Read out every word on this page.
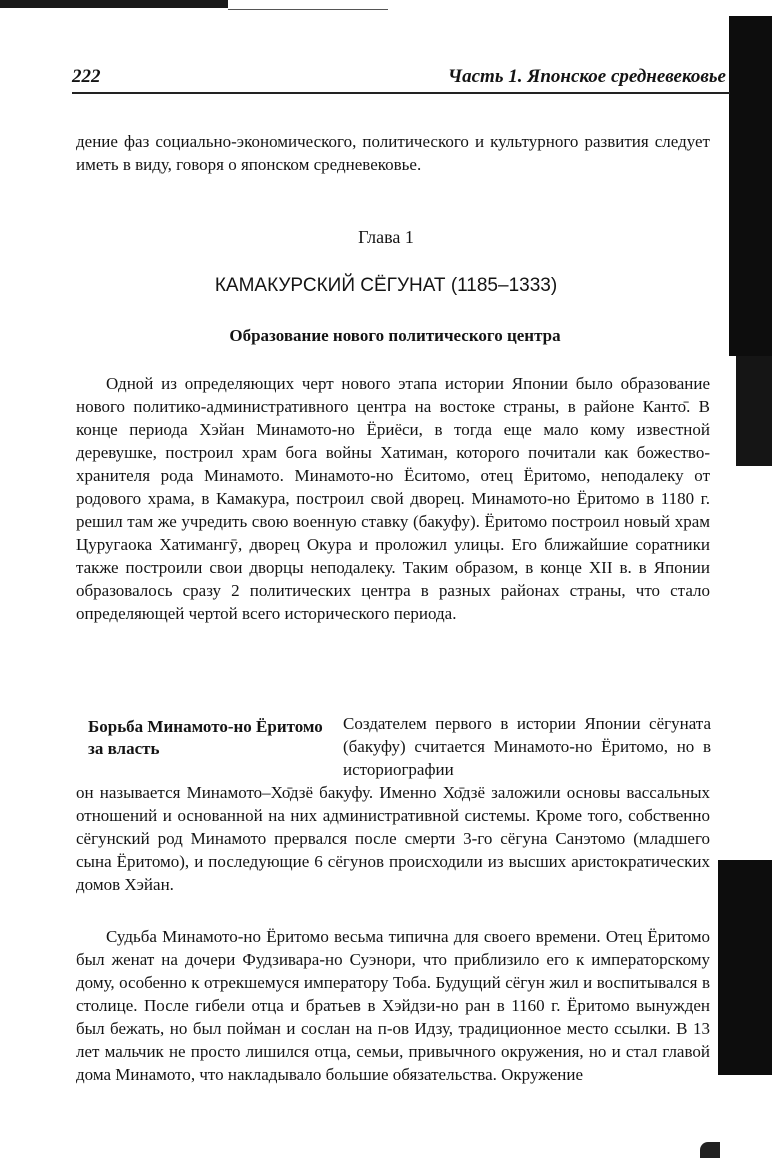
222	Часть 1. Японское средневековье

дение фаз социально-экономического, политического и культурного развития следует иметь в виду, говоря о японском средневековье.

Глава 1
КАМАКУРСКИЙ СЁГУНАТ (1185–1333)
Образование нового политического центра

Одной из определяющих черт нового этапа истории Японии было образование нового политико-административного центра на востоке страны, в районе Канто̄. В конце периода Хэйан Минамото-но Ёриёси, в тогда еще мало кому известной деревушке, построил храм бога войны Хатиман, которого почитали как божество-хранителя рода Минамото. Минамото-но Ёситомо, отец Ёритомо, неподалеку от родового храма, в Камакура, построил свой дворец. Минамото-но Ёритомо в 1180 г. решил там же учредить свою военную ставку (бакуфу). Ёритомо построил новый храм Цуругаока Хатимангӯ, дворец Окура и проложил улицы. Его ближайшие соратники также построили свои дворцы неподалеку. Таким образом, в конце XII в. в Японии образовалось сразу 2 политических центра в разных районах страны, что стало определяющей чертой всего исторического периода.

Борьба Минамото-но Ёритомо за власть

Создателем первого в истории Японии сёгуната (бакуфу) считается Минамото-но Ёритомо, но в историографии

он называется Минамото–Хо̄дзё бакуфу. Именно Хо̄дзё заложили основы вассальных отношений и основанной на них административной системы. Кроме того, собственно сёгунский род Минамото прервался после смерти 3-го сёгуна Санэтомо (младшего сына Ёритомо), и последующие 6 сёгунов происходили из высших аристократических домов Хэйан.

Судьба Минамото-но Ёритомо весьма типична для своего времени. Отец Ёритомо был женат на дочери Фудзивара-но Суэнори, что приблизило его к императорскому дому, особенно к отрекшемуся императору Тоба. Будущий сёгун жил и воспитывался в столице. После гибели отца и братьев в Хэйдзи-но ран в 1160 г. Ёритомо вынужден был бежать, но был пойман и сослан на п-ов Идзу, традиционное место ссылки. В 13 лет мальчик не просто лишился отца, семьи, привычного окружения, но и стал главой дома Минамото, что накладывало большие обязательства. Окружение
